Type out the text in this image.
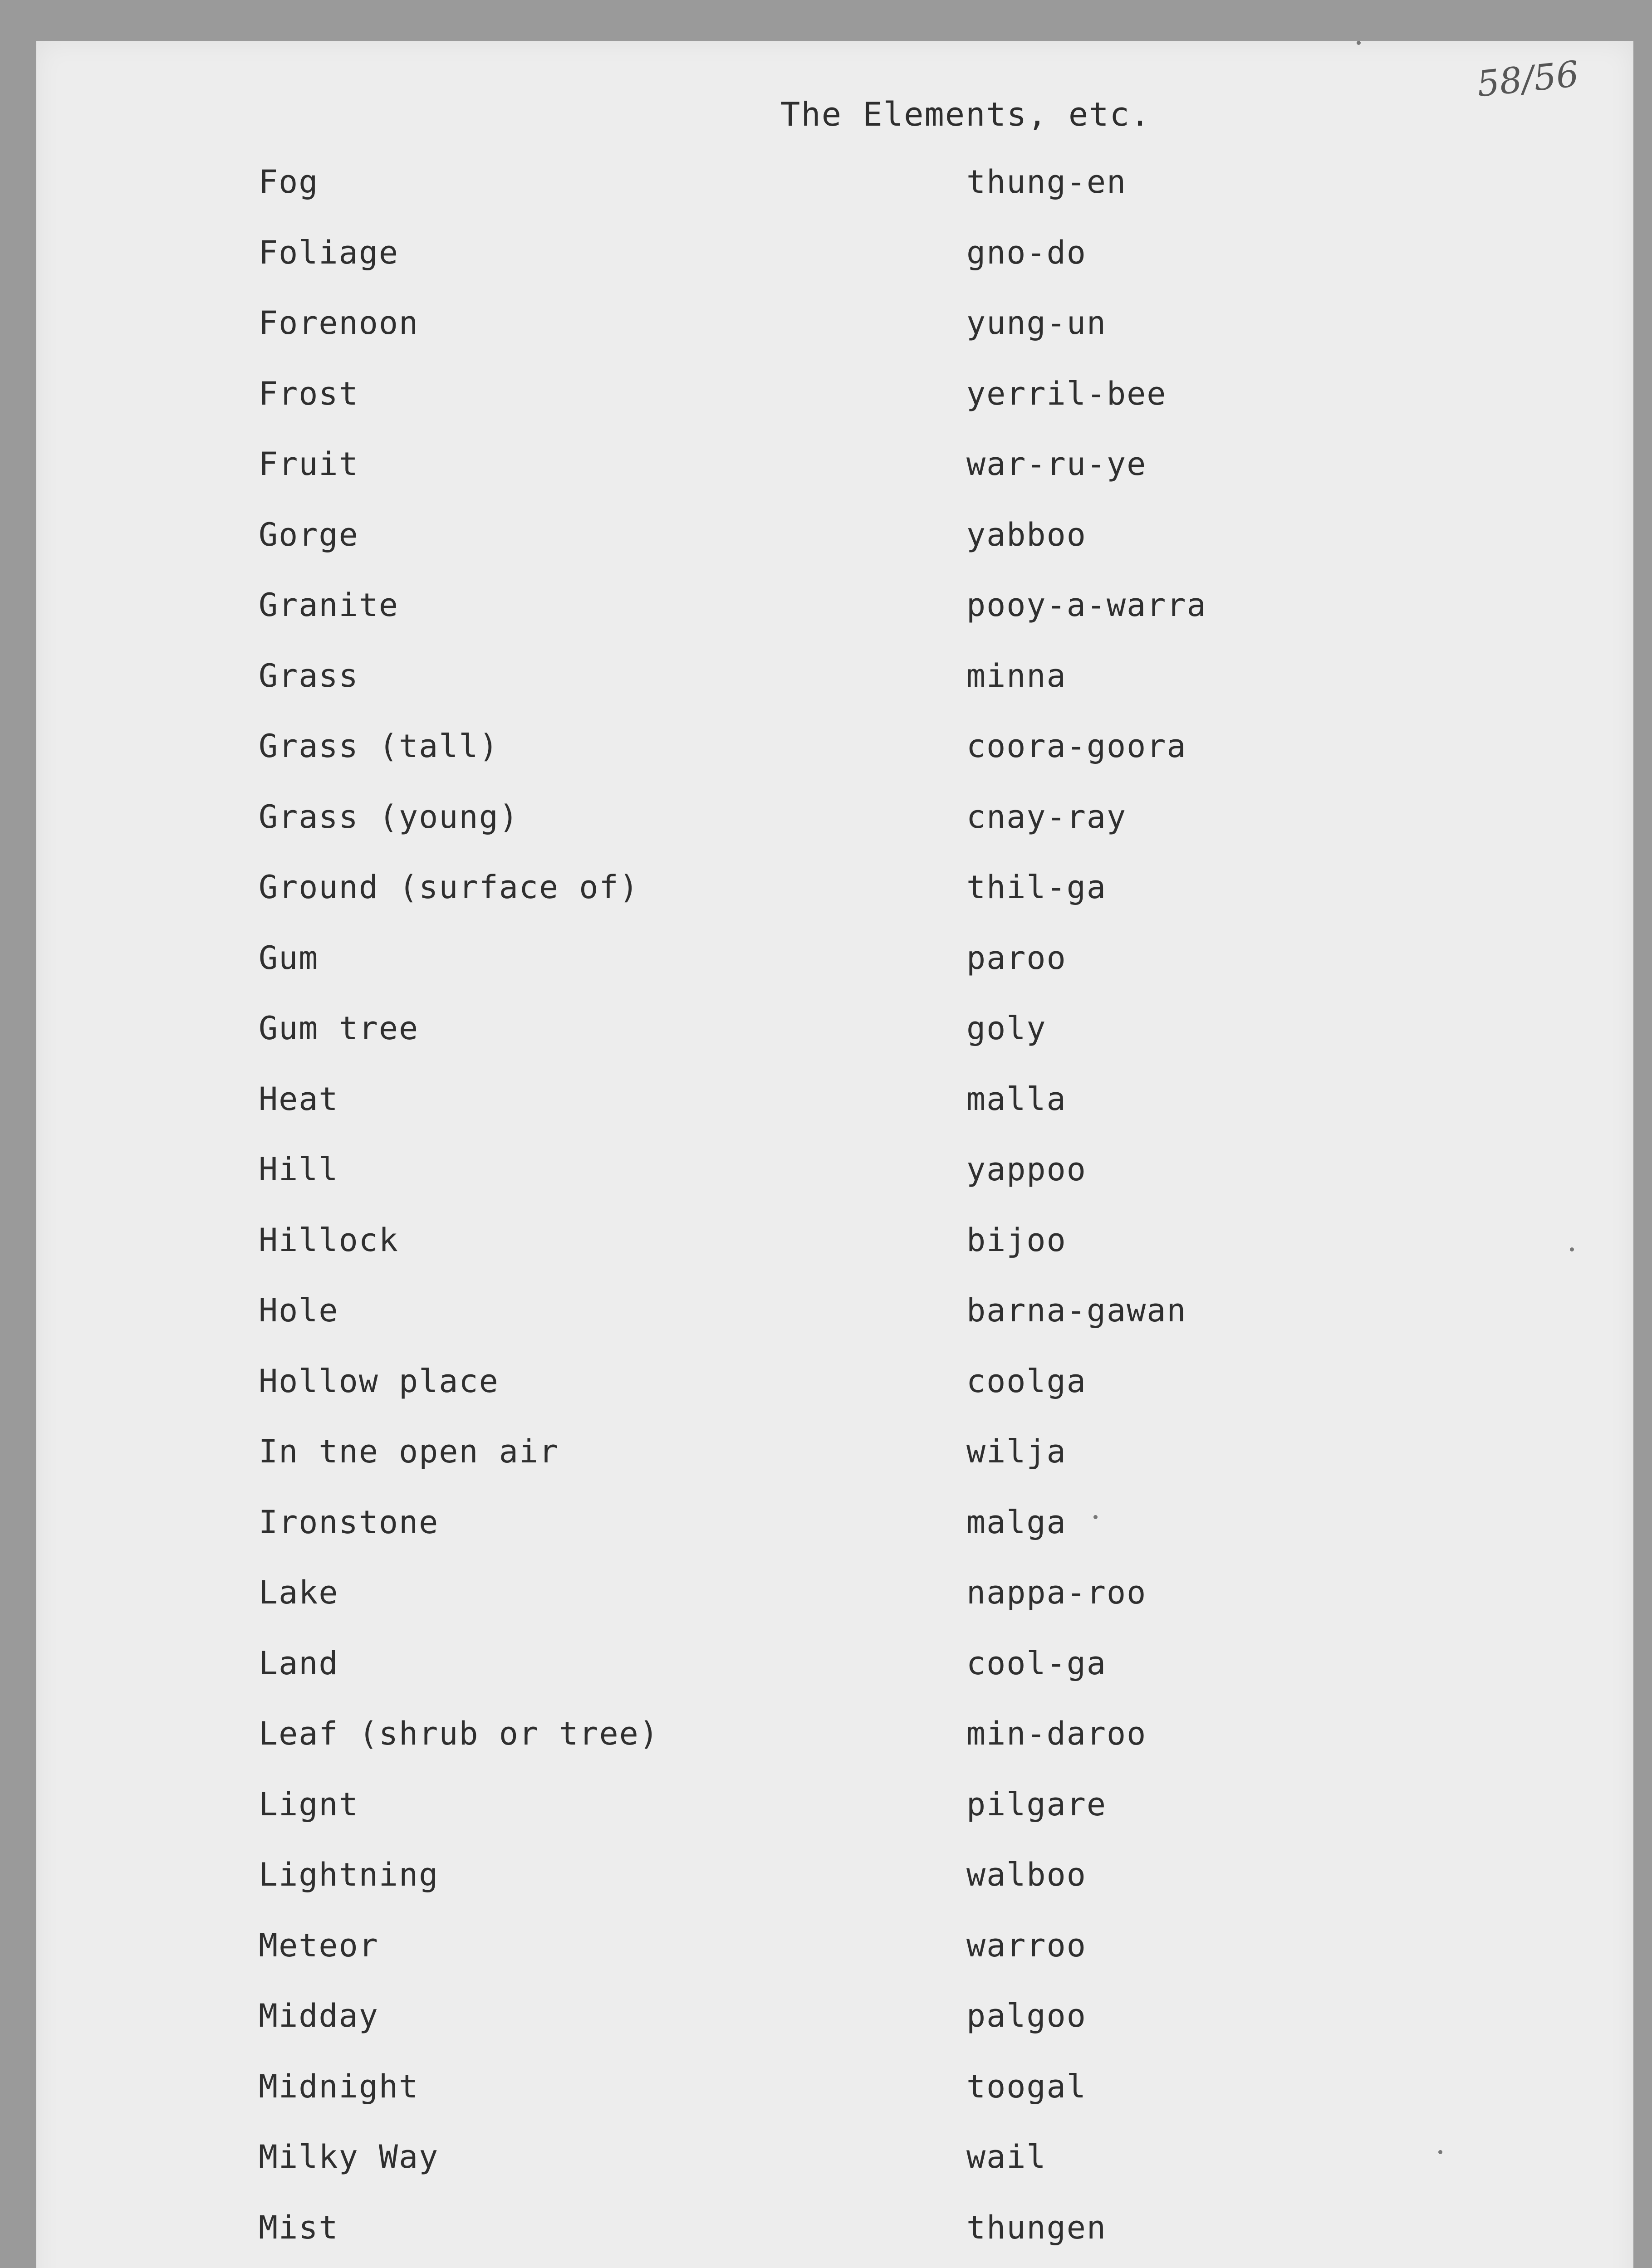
58/56
The Elements, etc.
Fog	thung-en
Foliage	gno-do
Forenoon	yung-un
Frost	yerril-bee
Fruit	war-ru-ye
Gorge	yabboo
Granite	pooy-a-warra
Grass	minna
Grass (tall)	coora-goora
Grass (young)	cnay-ray
Ground (surface of)	thil-ga
Gum	paroo
Gum tree	goly
Heat	malla
Hill	yappoo
Hillock	bijoo
Hole	barna-gawan
Hollow place	coolga
In tne open air	wilja
Ironstone	malga
Lake	nappa-roo
Land	cool-ga
Leaf (shrub or tree)	min-daroo
Lignt	pilgare
Lightning	walboo
Meteor	warroo
Midday	palgoo
Midnight	toogal
Milky Way	wail
Mist	thungen
